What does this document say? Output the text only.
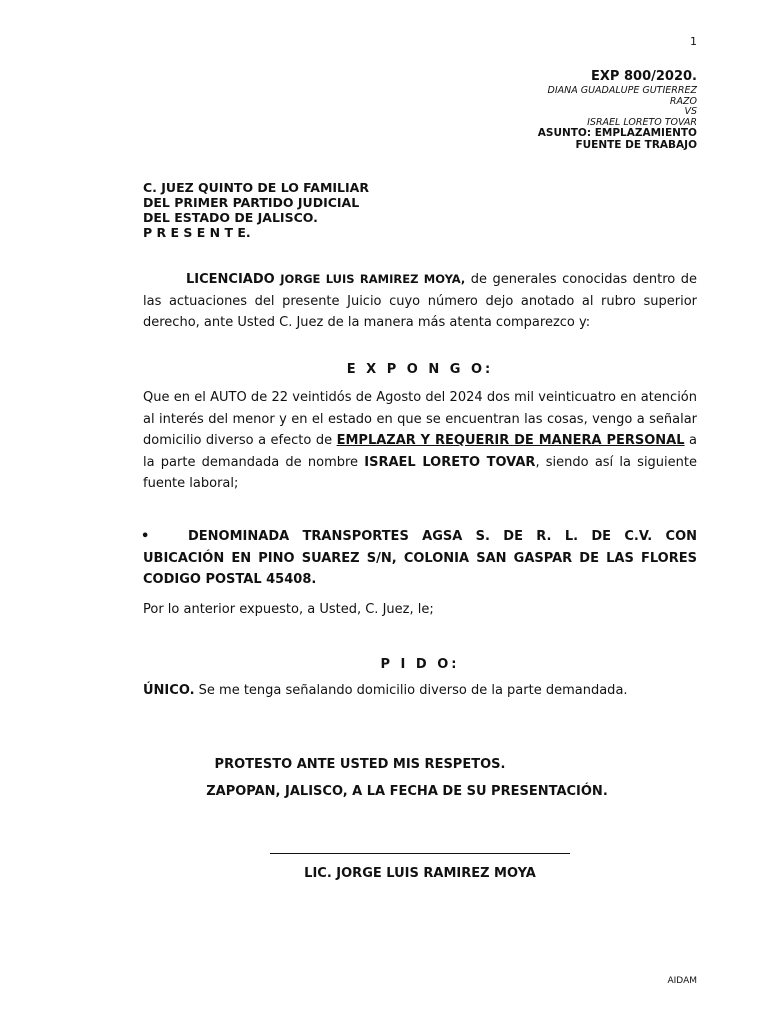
1
EXP 800/2020.
DIANA GUADALUPE GUTIERREZ
RAZO
VS
ISRAEL LORETO TOVAR
ASUNTO: EMPLAZAMIENTO
FUENTE DE TRABAJO
C. JUEZ QUINTO DE LO FAMILIAR
DEL PRIMER PARTIDO JUDICIAL
DEL ESTADO DE JALISCO.
P R E S E N T E.
LICENCIADO JORGE LUIS RAMIREZ MOYA, de generales conocidas dentro de las actuaciones del presente Juicio cuyo número dejo anotado al rubro superior derecho, ante Usted C. Juez de la manera más atenta comparezco y:
E X P O N G O:
Que en el AUTO de 22 veintidós de Agosto del 2024 dos mil veinticuatro en atención al interés del menor y en el estado en que se encuentran las cosas, vengo a señalar domicilio diverso a efecto de EMPLAZAR Y REQUERIR DE MANERA PERSONAL a la parte demandada de nombre ISRAEL LORETO TOVAR, siendo así la siguiente fuente laboral;
•	DENOMINADA TRANSPORTES AGSA S. DE R. L. DE C.V. CON UBICACIÓN EN PINO SUAREZ S/N, COLONIA SAN GASPAR DE LAS FLORES CODIGO POSTAL 45408.
Por lo anterior expuesto, a Usted, C. Juez, le;
P I D O:
ÚNICO. Se me tenga señalando domicilio diverso de la parte demandada.
PROTESTO ANTE USTED MIS RESPETOS.
ZAPOPAN, JALISCO, A LA FECHA DE SU PRESENTACIÓN.
LIC. JORGE LUIS RAMIREZ MOYA
AIDAM
